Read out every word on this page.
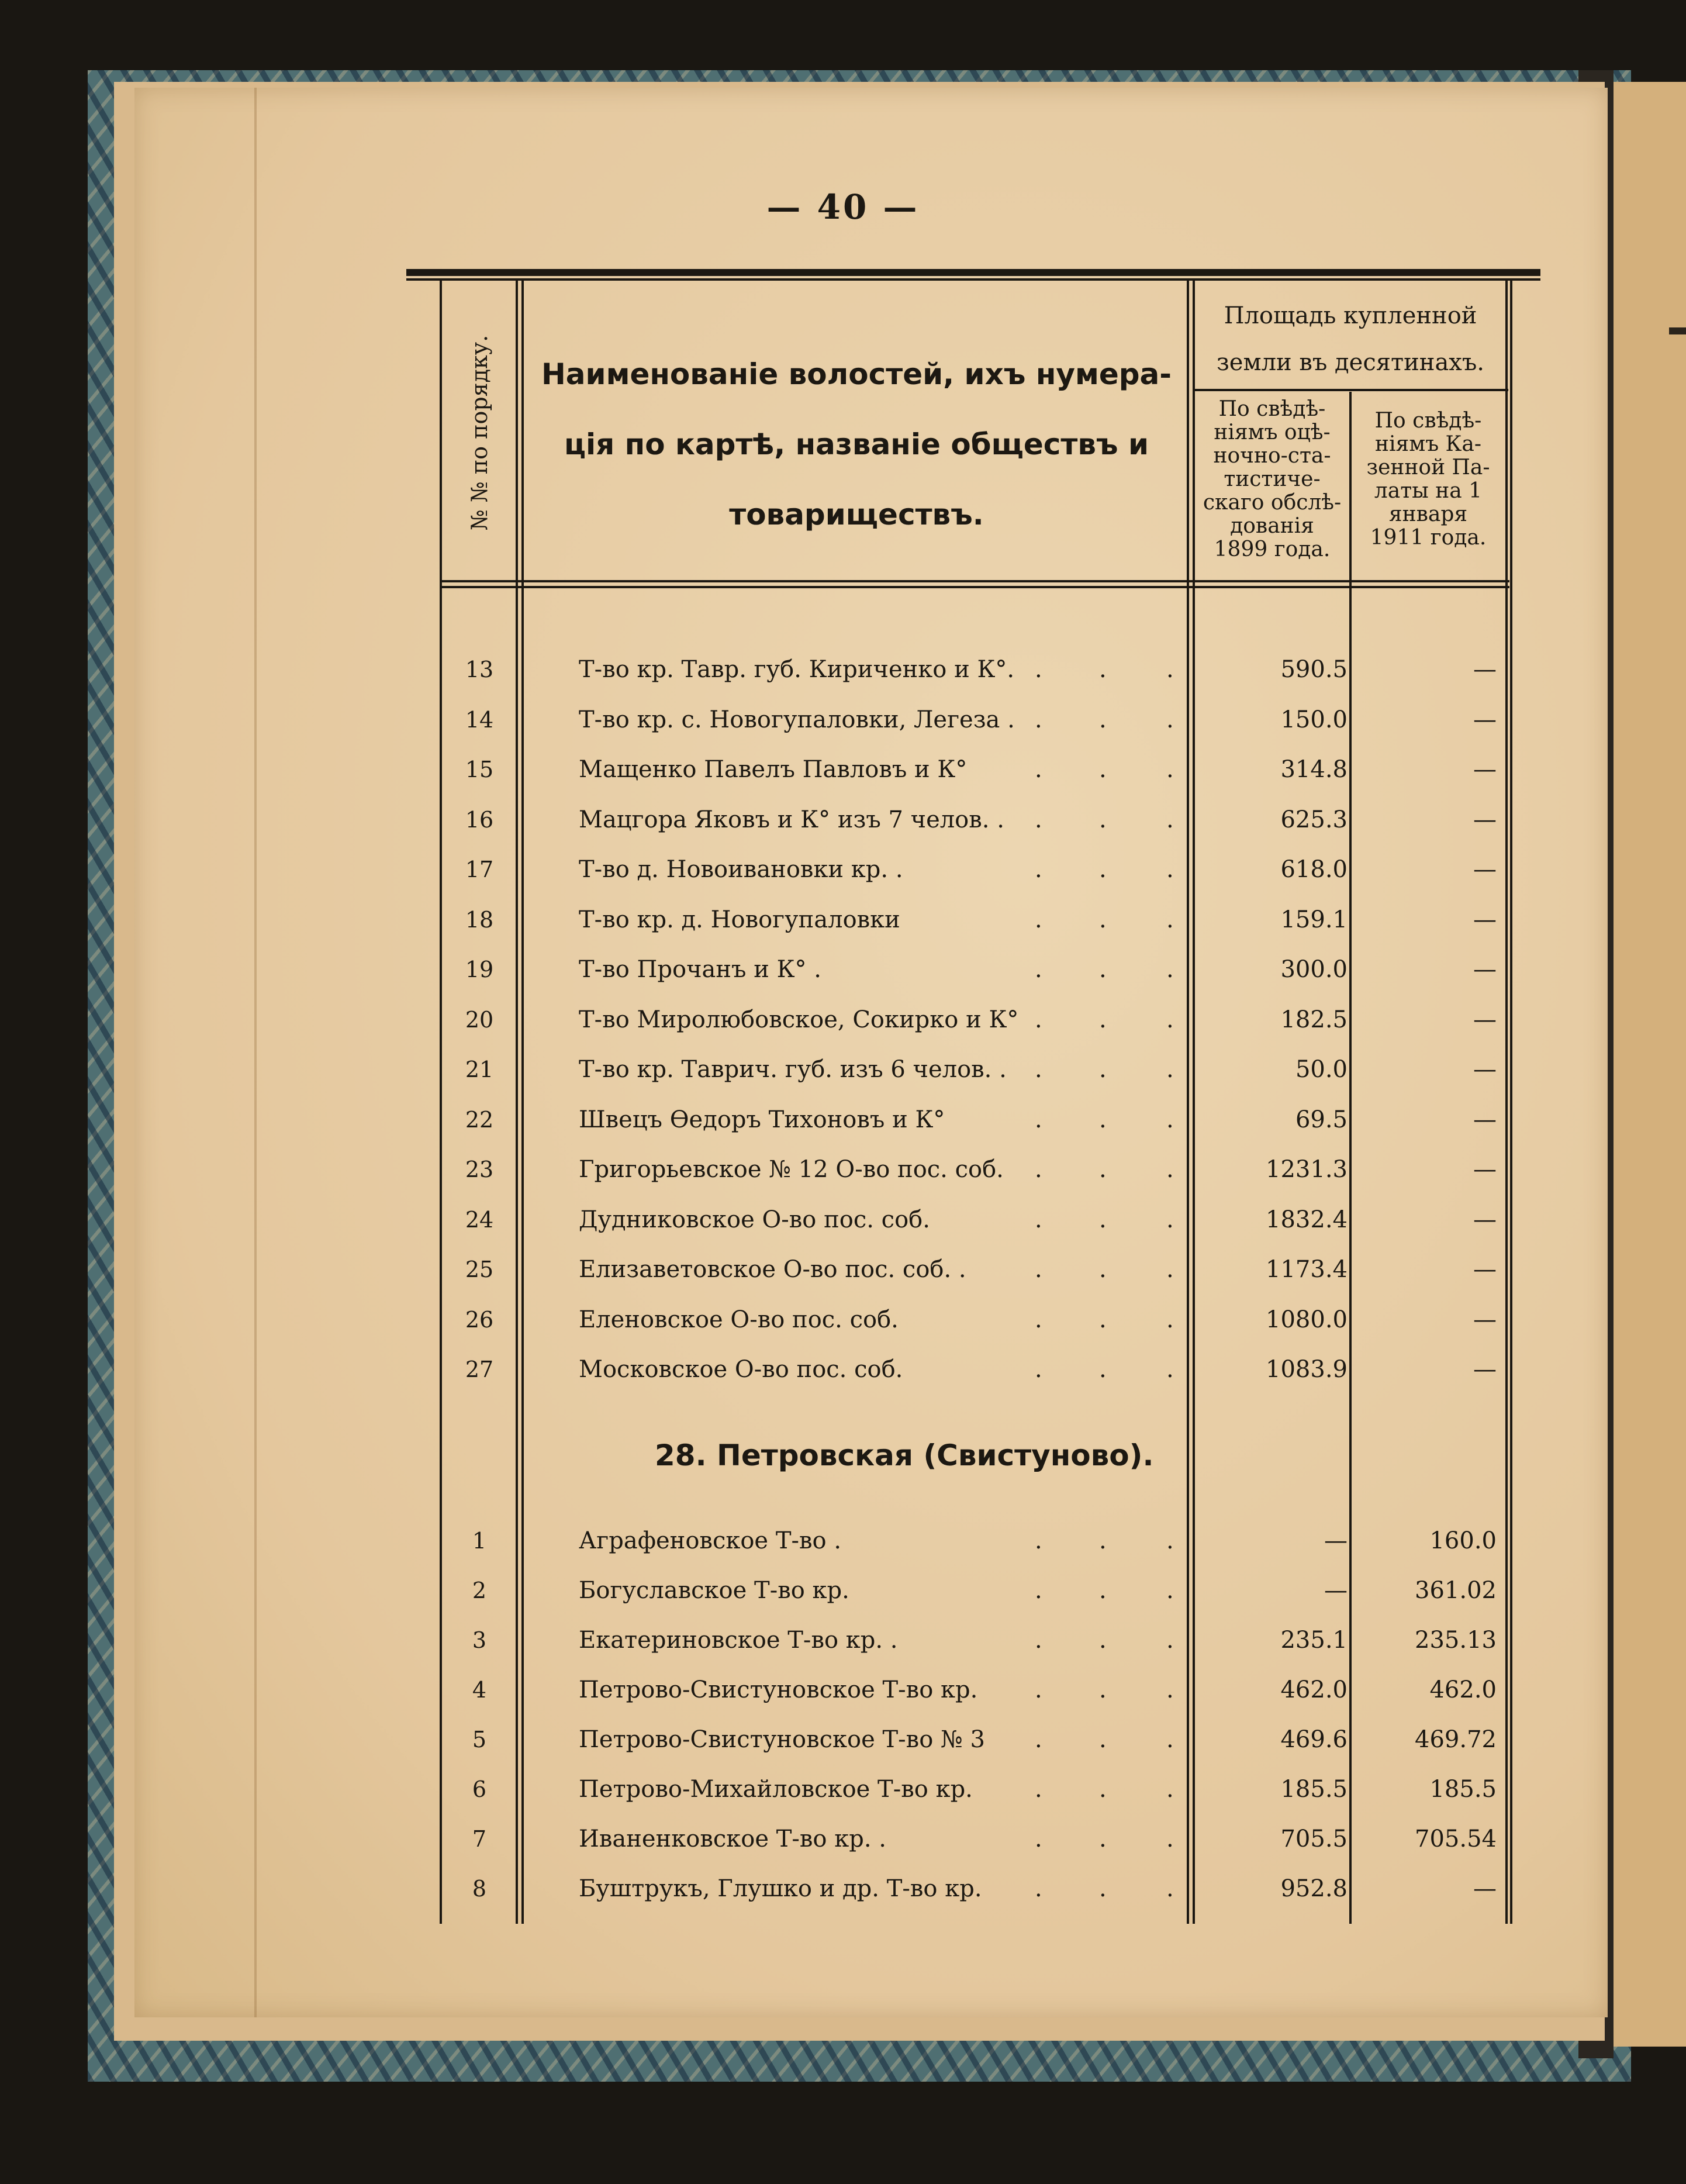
— 40 —
№ № по порядку.	Наименованіе волостей, ихъ нумера-
ція по картѣ, названіе обществъ и
товариществъ.
Площадь купленной
земли въ десятинахъ.
По свѣдѣ-
ніямъ оцѣ-
ночно-ста-
тистиче-
скаго обслѣ-
дованія
1899 года.
По свѣдѣ-
ніямъ Ка-
зенной Па-
латы на 1
января
1911 года.
13	Т-во кр. Тавр. губ. Кириченко и К°.	590.5	—
. .	.
14	Т-во кр. с. Новогупаловки, Легеза .	150.0	—
. .	.
15	Мащенко Павелъ Павловъ и К°	314.8	—
. .	.
16	Мацгора Яковъ и К° изъ 7 челов. .	625.3	—
. .	.
17	Т-во д. Новоивановки кр. .	618.0	—
. .	.
18	Т-во кр. д. Новогупаловки	159.1	—
. .	.
19	Т-во Прочанъ и К° .	300.0	—
. .	.
20	Т-во Миролюбовское, Сокирко и К°	182.5	—
. .	.
21	Т-во кр. Таврич. губ. изъ 6 челов. .	50.0	—
. .	.
22	Швецъ Ѳедоръ Тихоновъ и К°	69.5	—
. .	.
23	Григорьевское № 12 О-во пос. соб.	1231.3	—
. .	.
24	Дудниковское О-во пос. соб.	1832.4	—
. .	.
25	Елизаветовское О-во пос. соб. .	1173.4	—
. .	.
26	Еленовское О-во пос. соб.	1080.0	—
. .	.
27	Московское О-во пос. соб.	1083.9	—
. .	.
28. Петровская (Свистуново).
1	Аграфеновское Т-во .	—	160.0
. .	.
2	Богуславское Т-во кр.	—	361.02
. .	.
3	Екатериновское Т-во кр. .	235.1	235.13
. .	.
4	Петрово-Свистуновское Т-во кр.	462.0	462.0
. .	.
5	Петрово-Свистуновское Т-во № 3	469.6	469.72
. .	.
6	Петрово-Михайловское Т-во кр.	185.5	185.5
. .	.
7	Иваненковское Т-во кр. .	705.5	705.54
. .	.
8	Буштрукъ, Глушко и др. Т-во кр.	952.8	—
. .	.
